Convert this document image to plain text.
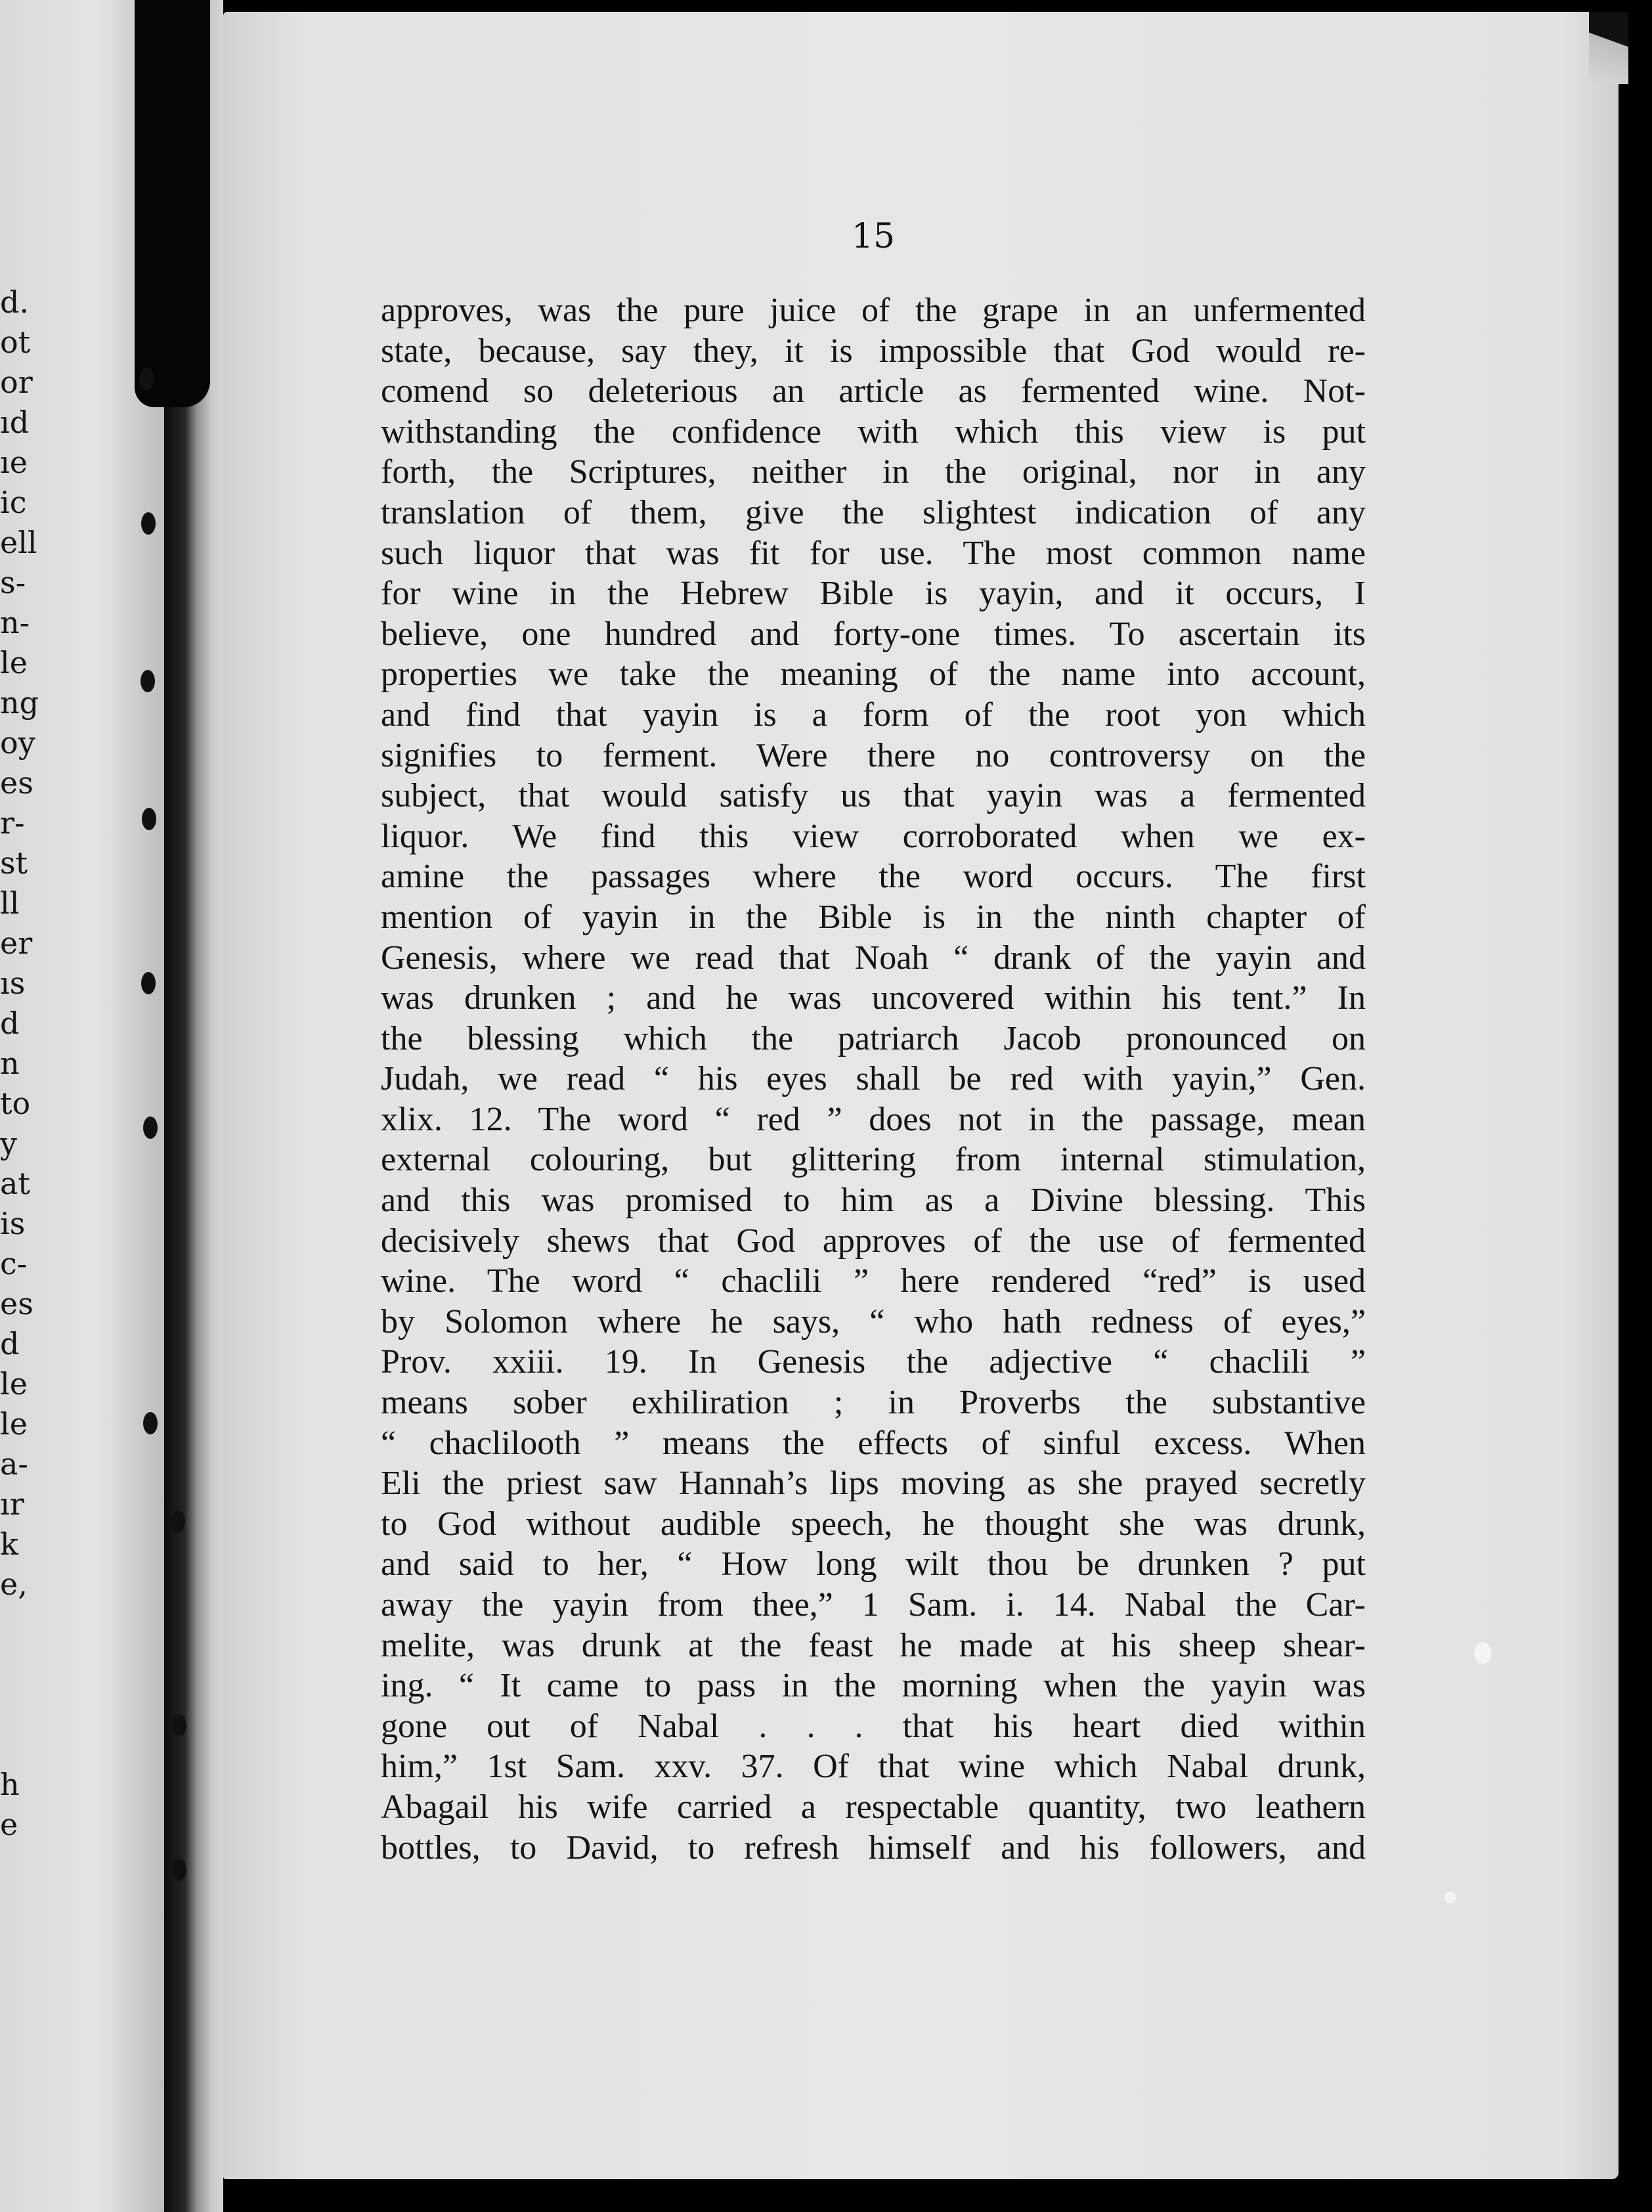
d.
ot
or
ıd
ıe
ic
ell
s-
n-
le
ng
oy
es
r-
st
ll
er
ıs
d
n
to
y
at
is
c-
es
d
le
le
a-
ır
k
e,
h
e

15

approves, was the pure juice of the grape in an unfermented
state, because, say they, it is impossible that God would re-
comend so deleterious an article as fermented wine. Not-
withstanding the confidence with which this view is put
forth, the Scriptures, neither in the original, nor in any
translation of them, give the slightest indication of any
such liquor that was fit for use. The most common name
for wine in the Hebrew Bible is yayin, and it occurs, I
believe, one hundred and forty-one times. To ascertain its
properties we take the meaning of the name into account,
and find that yayin is a form of the root yon which
signifies to ferment. Were there no controversy on the
subject, that would satisfy us that yayin was a fermented
liquor. We find this view corroborated when we ex-
amine the passages where the word occurs. The first
mention of yayin in the Bible is in the ninth chapter of
Genesis, where we read that Noah “ drank of the yayin and
was drunken ; and he was uncovered within his tent.” In
the blessing which the patriarch Jacob pronounced on
Judah, we read “ his eyes shall be red with yayin,” Gen.
xlix. 12. The word “ red ” does not in the passage, mean
external colouring, but glittering from internal stimulation,
and this was promised to him as a Divine blessing. This
decisively shews that God approves of the use of fermented
wine. The word “ chaclili ” here rendered “red” is used
by Solomon where he says, “ who hath redness of eyes,”
Prov. xxiii. 19. In Genesis the adjective “ chaclili ”
means sober exhiliration ; in Proverbs the substantive
“ chaclilooth ” means the effects of sinful excess. When
Eli the priest saw Hannah’s lips moving as she prayed secretly
to God without audible speech, he thought she was drunk,
and said to her, “ How long wilt thou be drunken ? put
away the yayin from thee,” 1 Sam. i. 14. Nabal the Car-
melite, was drunk at the feast he made at his sheep shear-
ing. “ It came to pass in the morning when the yayin was
gone out of Nabal . . . that his heart died within
him,” 1st Sam. xxv. 37. Of that wine which Nabal drunk,
Abagail his wife carried a respectable quantity, two leathern
bottles, to David, to refresh himself and his followers, and
